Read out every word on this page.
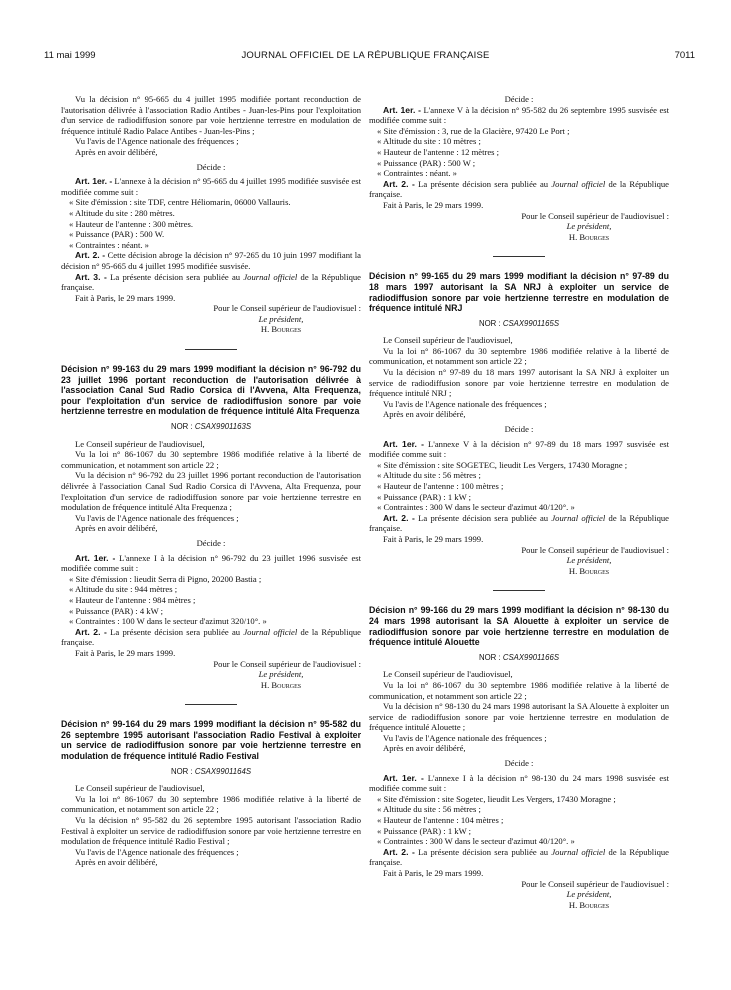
11 mai 1999	JOURNAL OFFICIEL DE LA RÉPUBLIQUE FRANÇAISE	7011

Vu la décision n° 95-665 du 4 juillet 1995 modifiée portant reconduction de l'autorisation délivrée à l'association Radio Antibes - Juan-les-Pins pour l'exploitation d'un service de radiodiffusion sonore par voie hertzienne terrestre en modulation de fréquence intitulé Radio Palace Antibes - Juan-les-Pins ;

Vu l'avis de l'Agence nationale des fréquences ;

Après en avoir délibéré,

Décide :

Art. 1er. - L'annexe à la décision n° 95-665 du 4 juillet 1995 modifiée susvisée est modifiée comme suit :

« Site d'émission : site TDF, centre Héliomarin, 06000 Vallauris.

« Altitude du site : 280 mètres.

« Hauteur de l'antenne : 300 mètres.

« Puissance (PAR) : 500 W.

« Contraintes : néant. »

Art. 2. - Cette décision abroge la décision n° 97-265 du 10 juin 1997 modifiant la décision n° 95-665 du 4 juillet 1995 modifiée susvisée.

Art. 3. - La présente décision sera publiée au Journal officiel de la République française.

Fait à Paris, le 29 mars 1999.

Pour le Conseil supérieur de l'audiovisuel :

Le président,

H. Bourges

Décision n° 99-163 du 29 mars 1999 modifiant la décision n° 96-792 du 23 juillet 1996 portant reconduction de l'autorisation délivrée à l'association Canal Sud Radio Corsica di l'Avvena, Alta Frequenza, pour l'exploitation d'un service de radiodiffusion sonore par voie hertzienne terrestre en modulation de fréquence intitulé Alta Frequenza

NOR : CSAX9901163S

Le Conseil supérieur de l'audiovisuel,

Vu la loi n° 86-1067 du 30 septembre 1986 modifiée relative à la liberté de communication, et notamment son article 22 ;

Vu la décision n° 96-792 du 23 juillet 1996 portant reconduction de l'autorisation délivrée à l'association Canal Sud Radio Corsica di l'Avvena, Alta Frequenza, pour l'exploitation d'un service de radiodiffusion sonore par voie hertzienne terrestre en modulation de fréquence intitulé Alta Frequenza ;

Vu l'avis de l'Agence nationale des fréquences ;

Après en avoir délibéré,

Décide :

Art. 1er. - L'annexe I à la décision n° 96-792 du 23 juillet 1996 susvisée est modifiée comme suit :

« Site d'émission : lieudit Serra di Pigno, 20200 Bastia ;

« Altitude du site : 944 mètres ;

« Hauteur de l'antenne : 984 mètres ;

« Puissance (PAR) : 4 kW ;

« Contraintes : 100 W dans le secteur d'azimut 320/10°. »

Art. 2. - La présente décision sera publiée au Journal officiel de la République française.

Fait à Paris, le 29 mars 1999.

Pour le Conseil supérieur de l'audiovisuel :

Le président,

H. Bourges

Décision n° 99-164 du 29 mars 1999 modifiant la décision n° 95-582 du 26 septembre 1995 autorisant l'association Radio Festival à exploiter un service de radiodiffusion sonore par voie hertzienne terrestre en modulation de fréquence intitulé Radio Festival

NOR : CSAX9901164S

Le Conseil supérieur de l'audiovisuel,

Vu la loi n° 86-1067 du 30 septembre 1986 modifiée relative à la liberté de communication, et notamment son article 22 ;

Vu la décision n° 95-582 du 26 septembre 1995 autorisant l'association Radio Festival à exploiter un service de radiodiffusion sonore par voie hertzienne terrestre en modulation de fréquence intitulé Radio Festival ;

Vu l'avis de l'Agence nationale des fréquences ;

Après en avoir délibéré,

Décide :

Art. 1er. - L'annexe V à la décision n° 95-582 du 26 septembre 1995 susvisée est modifiée comme suit :

« Site d'émission : 3, rue de la Glacière, 97420 Le Port ;

« Altitude du site : 10 mètres ;

« Hauteur de l'antenne : 12 mètres ;

« Puissance (PAR) : 500 W ;

« Contraintes : néant. »

Art. 2. - La présente décision sera publiée au Journal officiel de la République française.

Fait à Paris, le 29 mars 1999.

Pour le Conseil supérieur de l'audiovisuel :

Le président,

H. Bourges

Décision n° 99-165 du 29 mars 1999 modifiant la décision n° 97-89 du 18 mars 1997 autorisant la SA NRJ à exploiter un service de radiodiffusion sonore par voie hertzienne terrestre en modulation de fréquence intitulé NRJ

NOR : CSAX9901165S

Le Conseil supérieur de l'audiovisuel,

Vu la loi n° 86-1067 du 30 septembre 1986 modifiée relative à la liberté de communication, et notamment son article 22 ;

Vu la décision n° 97-89 du 18 mars 1997 autorisant la SA NRJ à exploiter un service de radiodiffusion sonore par voie hertzienne terrestre en modulation de fréquence intitulé NRJ ;

Vu l'avis de l'Agence nationale des fréquences ;

Après en avoir délibéré,

Décide :

Art. 1er. - L'annexe V à la décision n° 97-89 du 18 mars 1997 susvisée est modifiée comme suit :

« Site d'émission : site SOGETEC, lieudit Les Vergers, 17430 Moragne ;

« Altitude du site : 56 mètres ;

« Hauteur de l'antenne : 100 mètres ;

« Puissance (PAR) : 1 kW ;

« Contraintes : 300 W dans le secteur d'azimut 40/120°. »

Art. 2. - La présente décision sera publiée au Journal officiel de la République française.

Fait à Paris, le 29 mars 1999.

Pour le Conseil supérieur de l'audiovisuel :

Le président,

H. Bourges

Décision n° 99-166 du 29 mars 1999 modifiant la décision n° 98-130 du 24 mars 1998 autorisant la SA Alouette à exploiter un service de radiodiffusion sonore par voie hertzienne terrestre en modulation de fréquence intitulé Alouette

NOR : CSAX9901166S

Le Conseil supérieur de l'audiovisuel,

Vu la loi n° 86-1067 du 30 septembre 1986 modifiée relative à la liberté de communication, et notamment son article 22 ;

Vu la décision n° 98-130 du 24 mars 1998 autorisant la SA Alouette à exploiter un service de radiodiffusion sonore par voie hertzienne terrestre en modulation de fréquence intitulé Alouette ;

Vu l'avis de l'Agence nationale des fréquences ;

Après en avoir délibéré,

Décide :

Art. 1er. - L'annexe I à la décision n° 98-130 du 24 mars 1998 susvisée est modifiée comme suit :

« Site d'émission : site Sogetec, lieudit Les Vergers, 17430 Moragne ;

« Altitude du site : 56 mètres ;

« Hauteur de l'antenne : 104 mètres ;

« Puissance (PAR) : 1 kW ;

« Contraintes : 300 W dans le secteur d'azimut 40/120°. »

Art. 2. - La présente décision sera publiée au Journal officiel de la République française.

Fait à Paris, le 29 mars 1999.

Pour le Conseil supérieur de l'audiovisuel :

Le président,

H. Bourges
